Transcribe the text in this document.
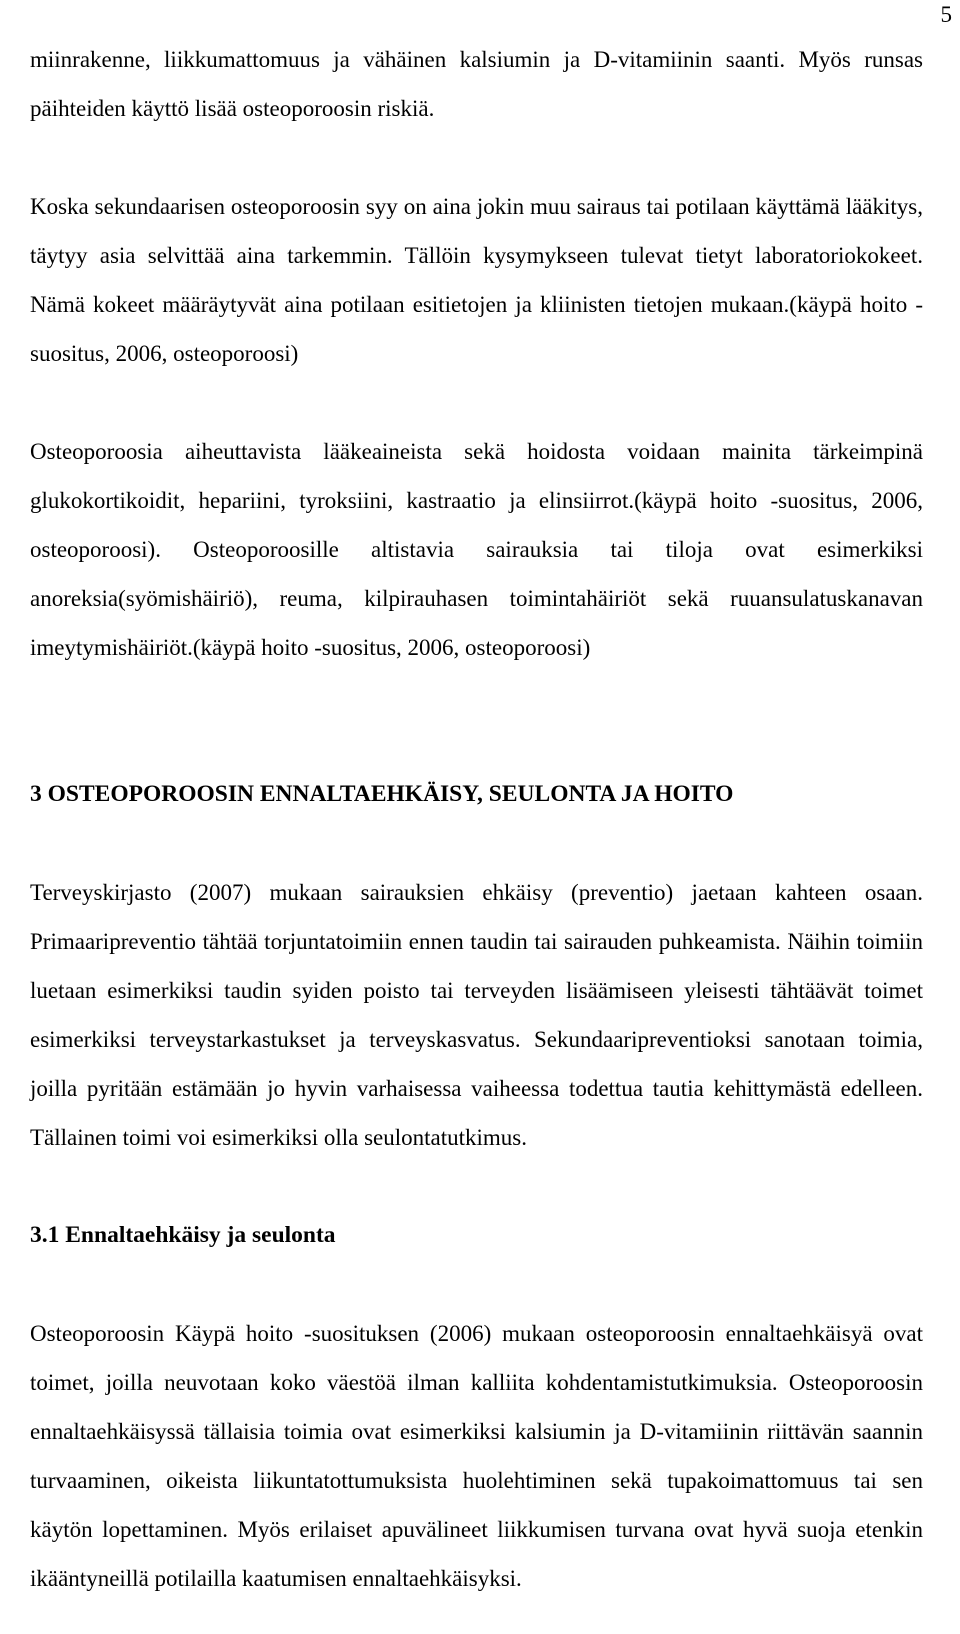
5

miinrakenne, liikkumattomuus ja vähäinen kalsiumin ja D-vitamiinin saanti. Myös runsas päihteiden käyttö lisää osteoporoosin riskiä.

Koska sekundaarisen osteoporoosin syy on aina jokin muu sairaus tai potilaan käyttämä lääkitys, täytyy asia selvittää aina tarkemmin. Tällöin kysymykseen tulevat tietyt laboratoriokokeet. Nämä kokeet määräytyvät aina potilaan esitietojen ja kliinisten tietojen mukaan.(käypä hoito -suositus, 2006, osteoporoosi)

Osteoporoosia aiheuttavista lääkeaineista sekä hoidosta voidaan mainita tärkeimpinä glukokortikoidit, hepariini, tyroksiini, kastraatio ja elinsiirrot.(käypä hoito -suositus, 2006, osteoporoosi). Osteoporoosille altistavia sairauksia tai tiloja ovat esimerkiksi anoreksia(syömishäiriö), reuma, kilpirauhasen toimintahäiriöt sekä ruuansulatuskanavan imeytymishäiriöt.(käypä hoito -suositus, 2006, osteoporoosi)

3 OSTEOPOROOSIN ENNALTAEHKÄISY, SEULONTA JA HOITO

Terveyskirjasto (2007) mukaan sairauksien ehkäisy (preventio) jaetaan kahteen osaan. Primaaripreventio tähtää torjuntatoimiin ennen taudin tai sairauden puhkeamista. Näihin toimiin luetaan esimerkiksi taudin syiden poisto tai terveyden lisäämiseen yleisesti tähtäävät toimet esimerkiksi terveystarkastukset ja terveyskasvatus. Sekundaaripreventioksi sanotaan toimia, joilla pyritään estämään jo hyvin varhaisessa vaiheessa todettua tautia kehittymästä edelleen. Tällainen toimi voi esimerkiksi olla seulontatutkimus.

3.1 Ennaltaehkäisy ja seulonta

Osteoporoosin Käypä hoito -suosituksen (2006) mukaan osteoporoosin ennaltaehkäisyä ovat toimet, joilla neuvotaan koko väestöä ilman kalliita kohdentamistutkimuksia. Osteoporoosin ennaltaehkäisyssä tällaisia toimia ovat esimerkiksi kalsiumin ja D-vitamiinin riittävän saannin turvaaminen, oikeista liikuntatottumuksista huolehtiminen sekä tupakoimattomuus tai sen käytön lopettaminen. Myös erilaiset apuvälineet liikkumisen turvana ovat hyvä suoja etenkin ikääntyneillä potilailla kaatumisen ennaltaehkäisyksi.
